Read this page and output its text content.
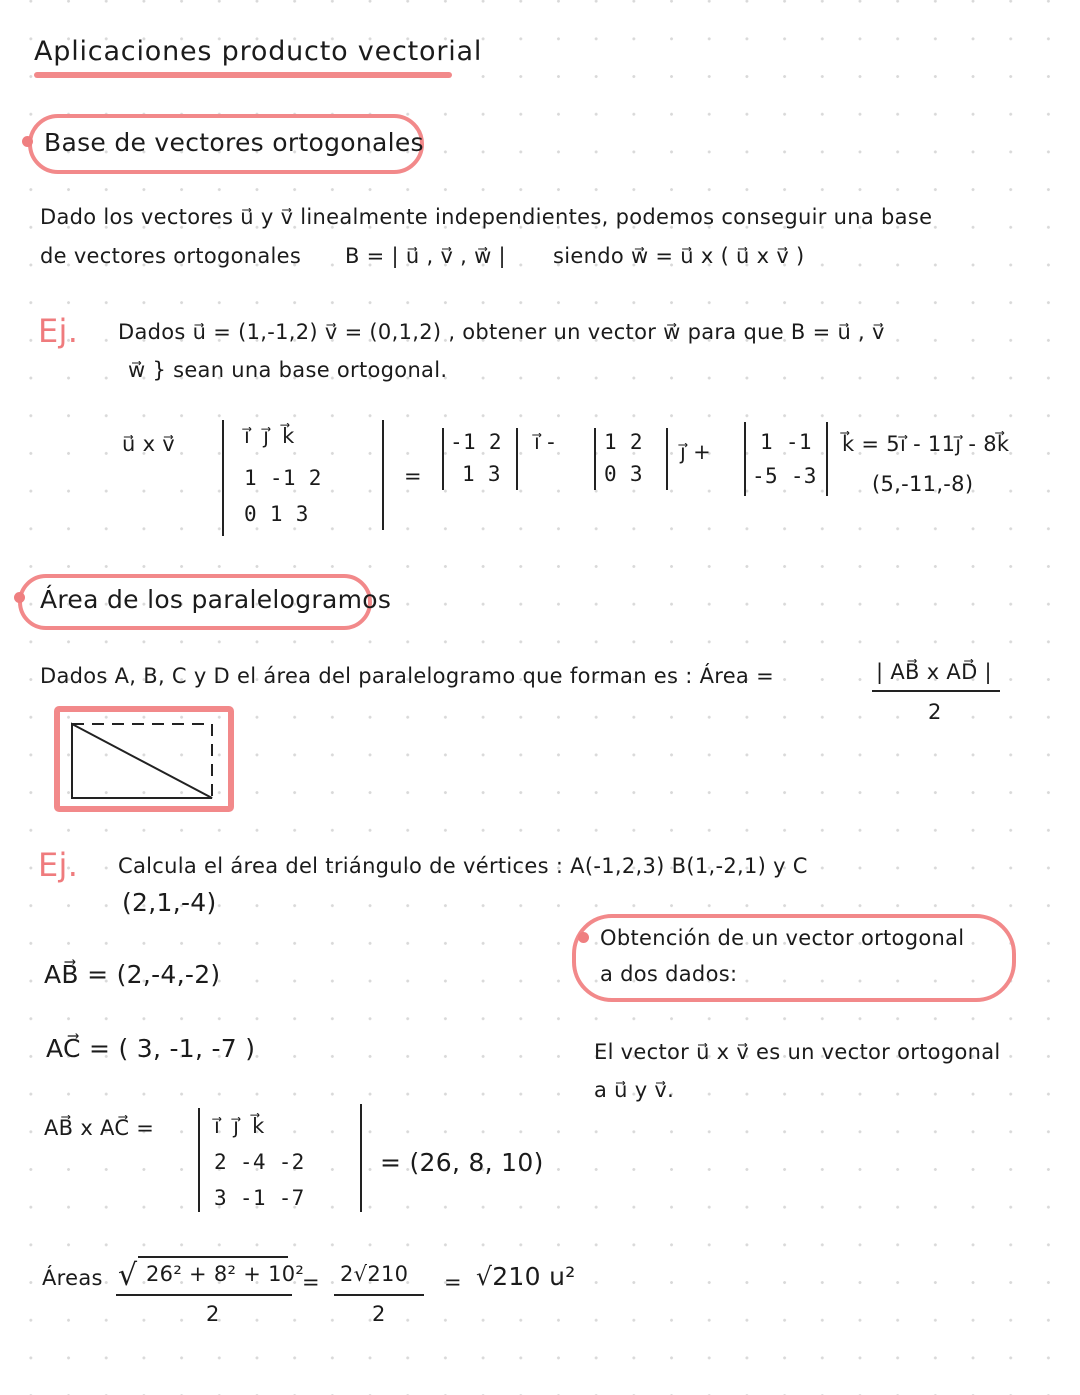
Aplicaciones producto vectorial
Base de vectores ortogonales
Dado los vectores u⃗ y v⃗ linealmente independientes, podemos conseguir una base
de vectores ortogonales B = | u⃗ , v⃗ , w⃗ | siendo w⃗ = u⃗ x ( u⃗ x v⃗ )
Ej. Dados u⃗ = (1,-1,2) v⃗ = (0,1,2) , obtener un vector w⃗ para que B = u⃗ , v⃗
w⃗ } sean una base ortogonal.
u⃗ x v⃗	i⃗ j⃗ k⃗
1 -1 2
0 1 3
=
-1 2
1 3
i⃗ - 1 2
0 3
j⃗ + 1 -1
-5 -3
k⃗ = 5i⃗ - 11j⃗ - 8k⃗
(5,-11,-8)
Área de los paralelogramos
Dados A, B, C y D el área del paralelogramo que forman es : Área =	| AB⃗ x AD⃗ |
2
Ej. Calcula el área del triángulo de vértices : A(-1,2,3) B(1,-2,1) y C
(2,1,-4)
AB⃗ = (2,-4,-2)
AC⃗ = ( 3, -1, -7 )
AB⃗ x AC⃗ =	i⃗ j⃗ k⃗
2 -4 -2
3 -1 -7
= (26, 8, 10)
Áreas √ 26² + 8² + 10²
2
= 2√210
2
= √210 u²
Obtención de un vector ortogonal
a dos dados:
El vector u⃗ x v⃗ es un vector ortogonal
a u⃗ y v⃗.
